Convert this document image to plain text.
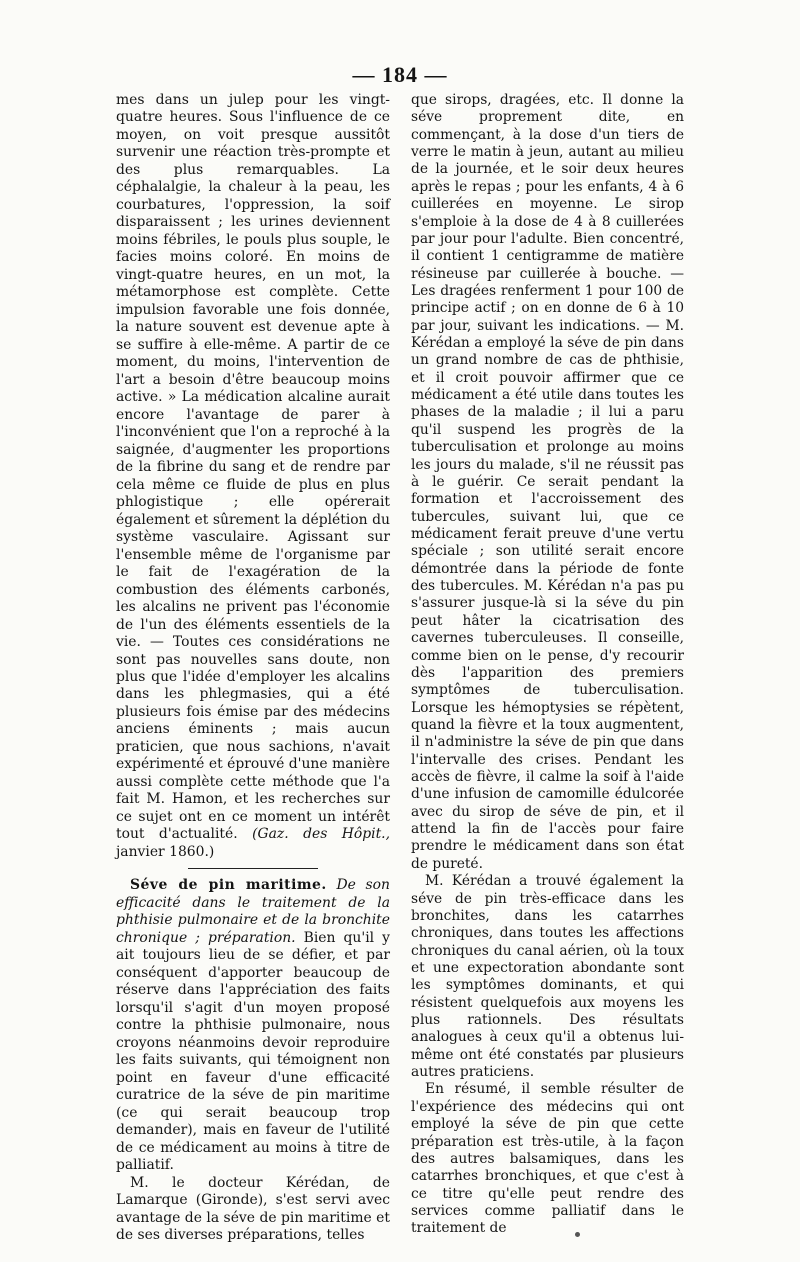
— 184 —

mes dans un julep pour les vingt-quatre heures. Sous l'influence de ce moyen, on voit presque aussitôt survenir une réaction très-prompte et des plus remarquables. La céphalalgie, la chaleur à la peau, les courbatures, l'oppression, la soif disparaissent ; les urines deviennent moins fébriles, le pouls plus souple, le facies moins coloré. En moins de vingt-quatre heures, en un mot, la métamorphose est complète. Cette impulsion favorable une fois donnée, la nature souvent est devenue apte à se suffire à elle-même. A partir de ce moment, du moins, l'intervention de l'art a besoin d'être beaucoup moins active. » La médication alcaline aurait encore l'avantage de parer à l'inconvénient que l'on a reproché à la saignée, d'augmenter les proportions de la fibrine du sang et de rendre par cela même ce fluide de plus en plus phlogistique ; elle opérerait également et sûrement la déplétion du système vasculaire. Agissant sur l'ensemble même de l'organisme par le fait de l'exagération de la combustion des éléments carbonés, les alcalins ne privent pas l'économie de l'un des éléments essentiels de la vie. — Toutes ces considérations ne sont pas nouvelles sans doute, non plus que l'idée d'employer les alcalins dans les phlegmasies, qui a été plusieurs fois émise par des médecins anciens éminents ; mais aucun praticien, que nous sachions, n'avait expérimenté et éprouvé d'une manière aussi complète cette méthode que l'a fait M. Hamon, et les recherches sur ce sujet ont en ce moment un intérêt tout d'actualité. (Gaz. des Hôpit., janvier 1860.)

Séve de pin maritime. De son efficacité dans le traitement de la phthisie pulmonaire et de la bronchite chronique ; préparation. Bien qu'il y ait toujours lieu de se défier, et par conséquent d'apporter beaucoup de réserve dans l'appréciation des faits lorsqu'il s'agit d'un moyen proposé contre la phthisie pulmonaire, nous croyons néanmoins devoir reproduire les faits suivants, qui témoignent non point en faveur d'une efficacité curatrice de la séve de pin maritime (ce qui serait beaucoup trop demander), mais en faveur de l'utilité de ce médicament au moins à titre de palliatif.

M. le docteur Kérédan, de Lamarque (Gironde), s'est servi avec avantage de la séve de pin maritime et de ses diverses préparations, telles

que sirops, dragées, etc. Il donne la séve proprement dite, en commençant, à la dose d'un tiers de verre le matin à jeun, autant au milieu de la journée, et le soir deux heures après le repas ; pour les enfants, 4 à 6 cuillerées en moyenne. Le sirop s'emploie à la dose de 4 à 8 cuillerées par jour pour l'adulte. Bien concentré, il contient 1 centigramme de matière résineuse par cuillerée à bouche. — Les dragées renferment 1 pour 100 de principe actif ; on en donne de 6 à 10 par jour, suivant les indications. — M. Kérédan a employé la séve de pin dans un grand nombre de cas de phthisie, et il croit pouvoir affirmer que ce médicament a été utile dans toutes les phases de la maladie ; il lui a paru qu'il suspend les progrès de la tuberculisation et prolonge au moins les jours du malade, s'il ne réussit pas à le guérir. Ce serait pendant la formation et l'accroissement des tubercules, suivant lui, que ce médicament ferait preuve d'une vertu spéciale ; son utilité serait encore démontrée dans la période de fonte des tubercules. M. Kérédan n'a pas pu s'assurer jusque-là si la séve du pin peut hâter la cicatrisation des cavernes tuberculeuses. Il conseille, comme bien on le pense, d'y recourir dès l'apparition des premiers symptômes de tuberculisation. Lorsque les hémoptysies se répètent, quand la fièvre et la toux augmentent, il n'administre la séve de pin que dans l'intervalle des crises. Pendant les accès de fièvre, il calme la soif à l'aide d'une infusion de camomille édulcorée avec du sirop de séve de pin, et il attend la fin de l'accès pour faire prendre le médicament dans son état de pureté.

M. Kérédan a trouvé également la séve de pin très-efficace dans les bronchites, dans les catarrhes chroniques, dans toutes les affections chroniques du canal aérien, où la toux et une expectoration abondante sont les symptômes dominants, et qui résistent quelquefois aux moyens les plus rationnels. Des résultats analogues à ceux qu'il a obtenus lui-même ont été constatés par plusieurs autres praticiens.

En résumé, il semble résulter de l'expérience des médecins qui ont employé la séve de pin que cette préparation est très-utile, à la façon des autres balsamiques, dans les catarrhes bronchiques, et que c'est à ce titre qu'elle peut rendre des services comme palliatif dans le traitement de
